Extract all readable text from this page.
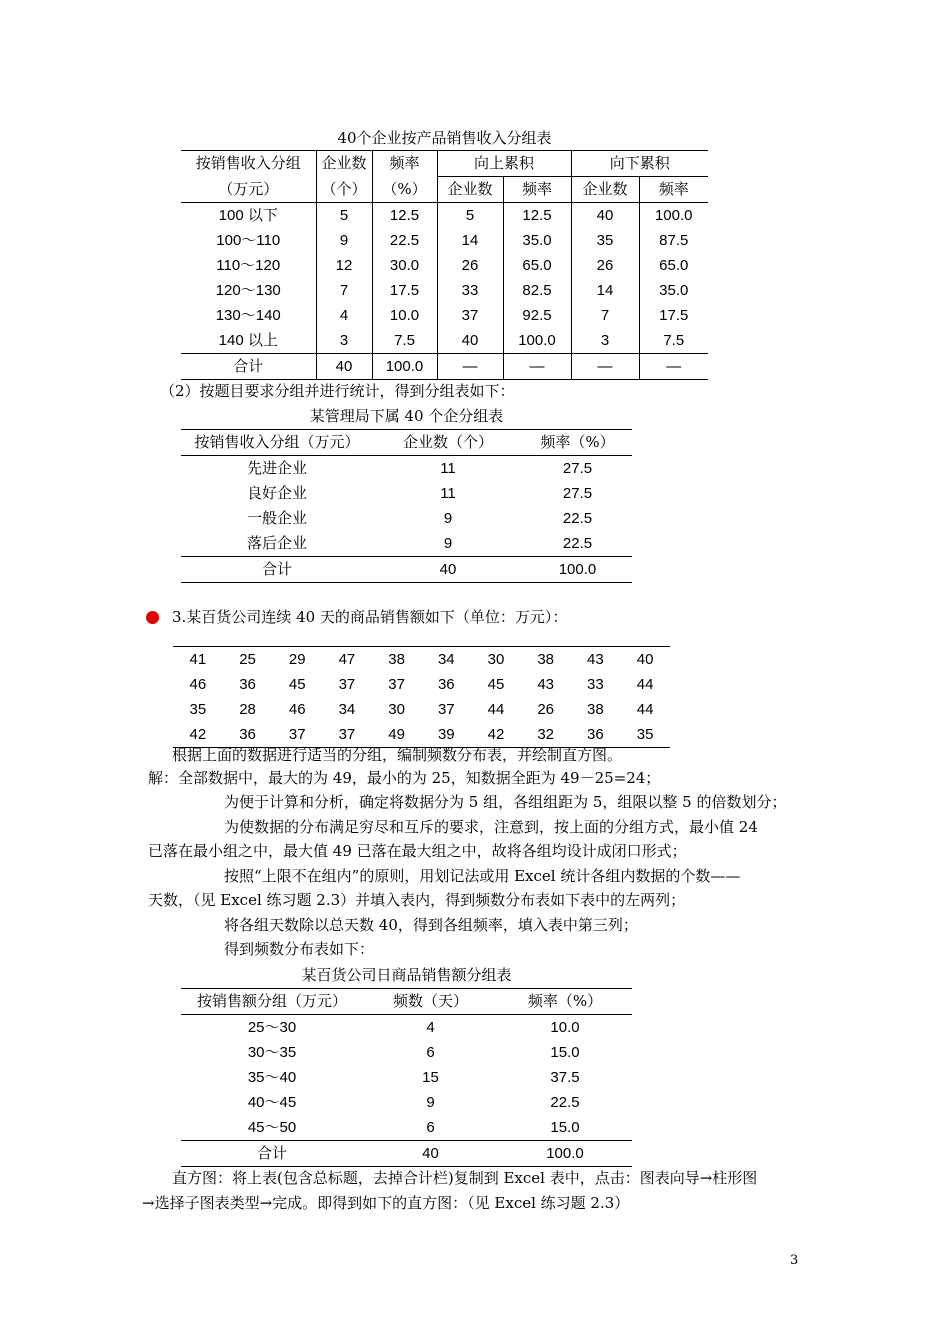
40个企业按产品销售收入分组表
按销售收入分组	企业数	频率	向上累积		向下累积	
（万元）	（个）	（%）	企业数	频率	企业数	频率
100 以下	5	12.5	5	12.5	40	100.0
100～110	9	22.5	14	35.0	35	87.5
110～120	12	30.0	26	65.0	26	65.0
120～130	7	17.5	33	82.5	14	35.0
130～140	4	10.0	37	92.5	7	17.5
140 以上	3	7.5	40	100.0	3	7.5
合计	40	100.0	—	—	—	—
（2）按题目要求分组并进行统计，得到分组表如下：
某管理局下属 40 个企分组表
按销售收入分组（万元）	企业数（个）	频率（%）
先进企业	11	27.5
良好企业	11	27.5
一般企业	9	22.5
落后企业	9	22.5
合计	40	100.0
3.某百货公司连续 40 天的商品销售额如下（单位：万元）：
41	25	29	47	38	34	30	38	43	40
46	36	45	37	37	36	45	43	33	44
35	28	46	34	30	37	44	26	38	44
42	36	37	37	49	39	42	32	36	35
根据上面的数据进行适当的分组，编制频数分布表，并绘制直方图。
解：全部数据中，最大的为 49，最小的为 25，知数据全距为 49－25=24；
为便于计算和分析，确定将数据分为 5 组，各组组距为 5，组限以整 5 的倍数划分；
为使数据的分布满足穷尽和互斥的要求，注意到，按上面的分组方式，最小值 24
已落在最小组之中，最大值 49 已落在最大组之中，故将各组均设计成闭口形式；
按照“上限不在组内”的原则，用划记法或用 Excel 统计各组内数据的个数——
天数，（见 Excel 练习题 2.3）并填入表内，得到频数分布表如下表中的左两列；
将各组天数除以总天数 40，得到各组频率，填入表中第三列；
得到频数分布表如下：
某百货公司日商品销售额分组表
按销售额分组（万元）	频数（天）	频率（%）
25～30	4	10.0
30～35	6	15.0
35～40	15	37.5
40～45	9	22.5
45～50	6	15.0
合计	40	100.0
直方图：将上表(包含总标题，去掉合计栏)复制到 Excel 表中，点击：图表向导→柱形图
→选择子图表类型→完成。即得到如下的直方图：（见 Excel 练习题 2.3）
3
